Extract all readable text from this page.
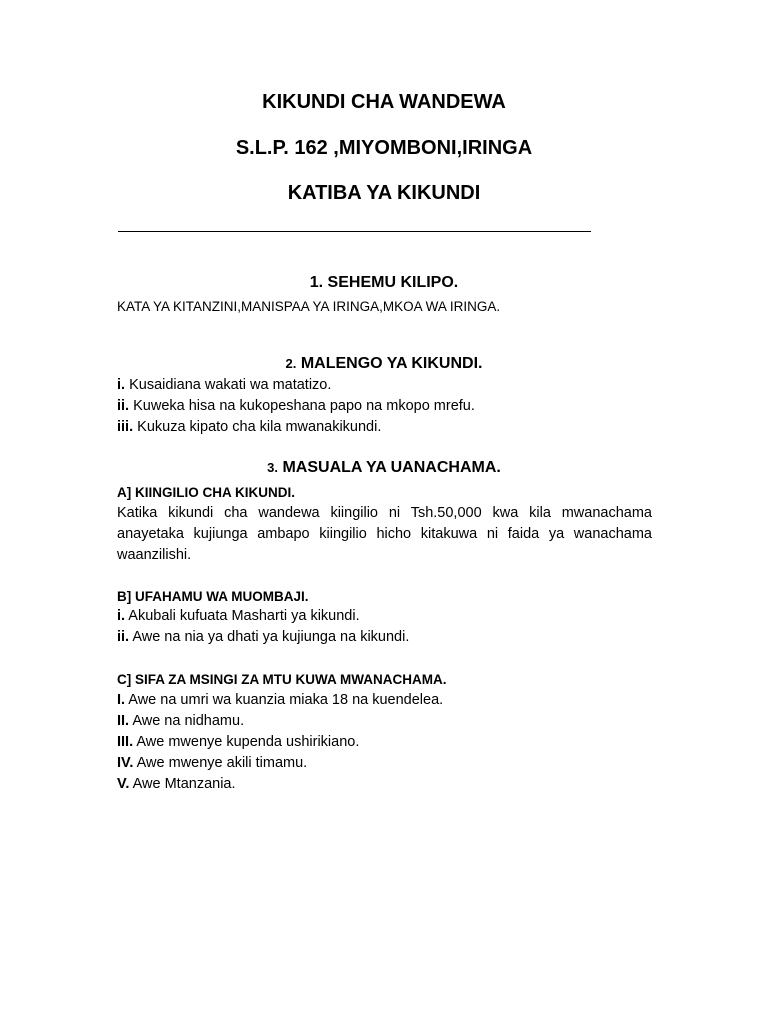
KIKUNDI CHA WANDEWA
S.L.P. 162 ,MIYOMBONI,IRINGA
KATIBA YA KIKUNDI
1. SEHEMU KILIPO.
KATA YA KITANZINI,MANISPAA YA IRINGA,MKOA WA IRINGA.
2. MALENGO YA KIKUNDI.
i. Kusaidiana wakati wa matatizo.
ii. Kuweka hisa na kukopeshana papo na mkopo mrefu.
iii. Kukuza kipato cha kila mwanakikundi.
3. MASUALA YA UANACHAMA.
A] KIINGILIO CHA KIKUNDI.
Katika kikundi cha wandewa kiingilio ni Tsh.50,000 kwa kila mwanachama anayetaka kujiunga ambapo kiingilio hicho kitakuwa ni faida ya wanachama waanzilishi.
B] UFAHAMU WA MUOMBAJI.
i. Akubali kufuata Masharti ya kikundi.
ii. Awe na nia ya dhati ya kujiunga na kikundi.
C] SIFA ZA MSINGI ZA MTU KUWA MWANACHAMA.
I. Awe na umri wa kuanzia miaka 18 na kuendelea.
II. Awe na nidhamu.
III. Awe mwenye kupenda ushirikiano.
IV. Awe mwenye akili timamu.
V. Awe Mtanzania.
